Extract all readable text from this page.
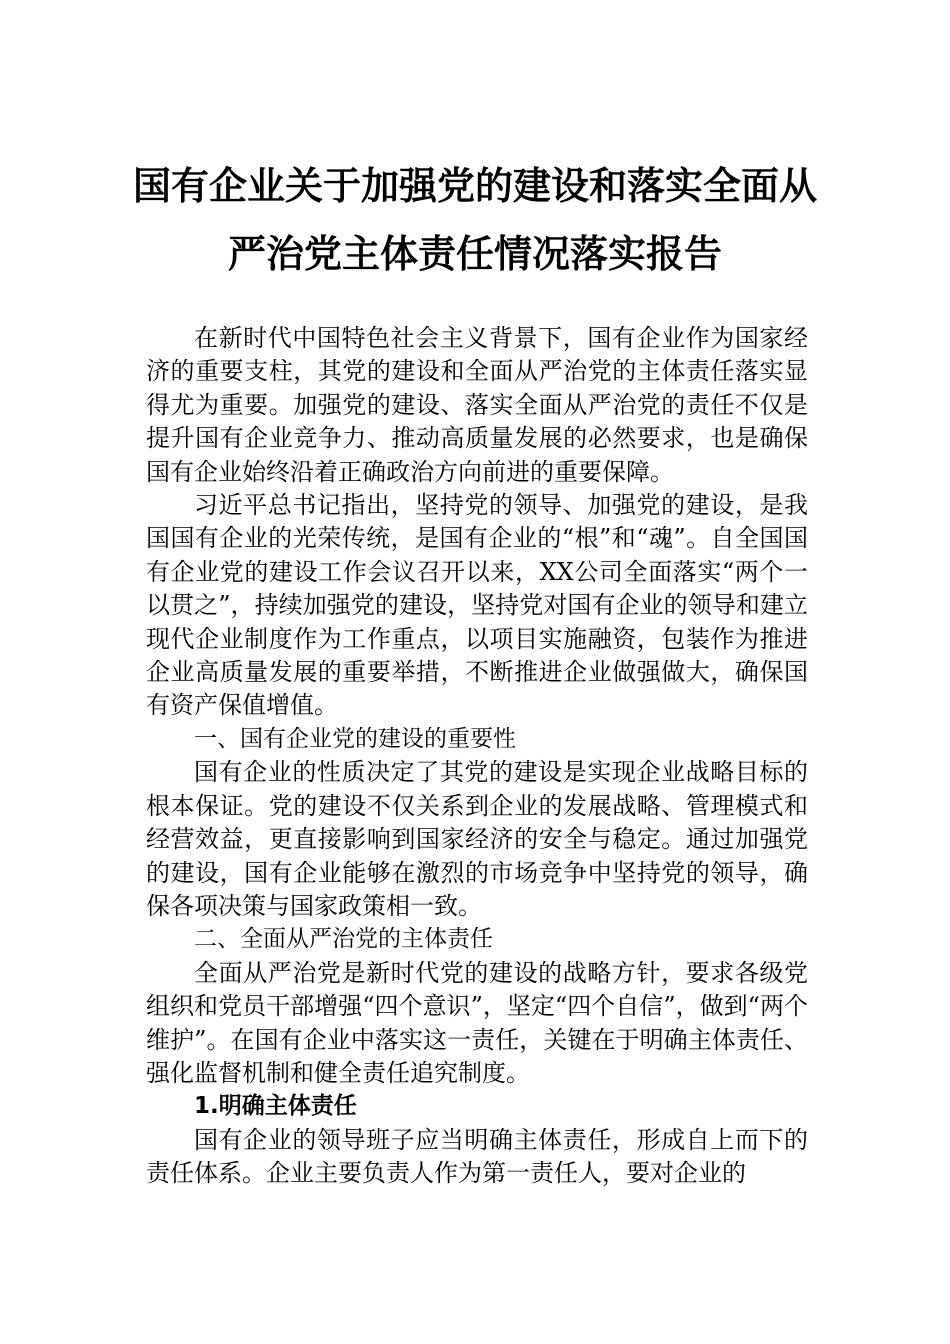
国有企业关于加强党的建设和落实全面从
严治党主体责任情况落实报告

在新时代中国特色社会主义背景下，国有企业作为国家经济的重要支柱，其党的建设和全面从严治党的主体责任落实显得尤为重要。加强党的建设、落实全面从严治党的责任不仅是提升国有企业竞争力、推动高质量发展的必然要求，也是确保国有企业始终沿着正确政治方向前进的重要保障。

习近平总书记指出，坚持党的领导、加强党的建设，是我国国有企业的光荣传统，是国有企业的“根”和“魂”。自全国国有企业党的建设工作会议召开以来，XX公司全面落实“两个一以贯之”，持续加强党的建设，坚持党对国有企业的领导和建立现代企业制度作为工作重点，以项目实施融资，包装作为推进企业高质量发展的重要举措，不断推进企业做强做大，确保国有资产保值增值。

一、国有企业党的建设的重要性

国有企业的性质决定了其党的建设是实现企业战略目标的根本保证。党的建设不仅关系到企业的发展战略、管理模式和经营效益，更直接影响到国家经济的安全与稳定。通过加强党的建设，国有企业能够在激烈的市场竞争中坚持党的领导，确保各项决策与国家政策相一致。

二、全面从严治党的主体责任

全面从严治党是新时代党的建设的战略方针，要求各级党组织和党员干部增强“四个意识”，坚定“四个自信”，做到“两个维护”。在国有企业中落实这一责任，关键在于明确主体责任、强化监督机制和健全责任追究制度。

1.明确主体责任

国有企业的领导班子应当明确主体责任，形成自上而下的责任体系。企业主要负责人作为第一责任人，要对企业的
